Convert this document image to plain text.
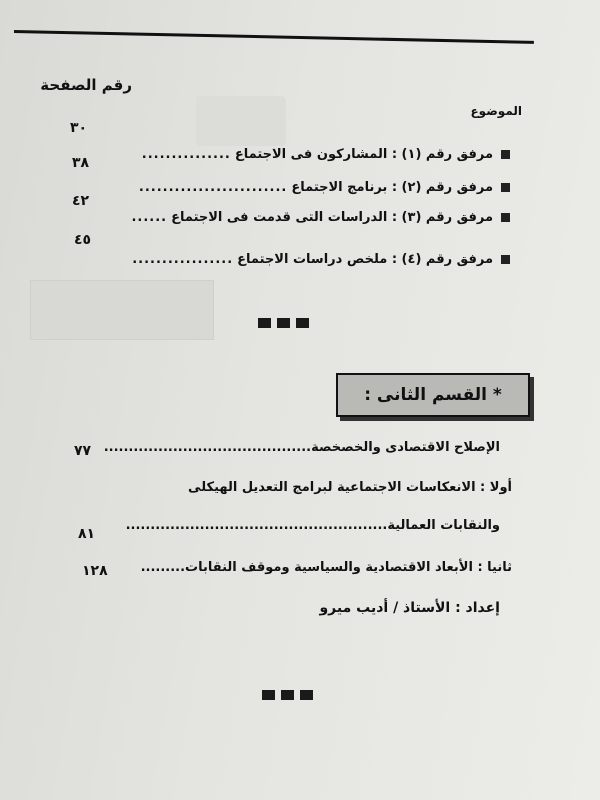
رقم الصفحة
الموضوع
مرفق رقم (١) : المشاركون فى الاجتماع
...............
٣٠
مرفق رقم (٢) : برنامج الاجتماع
.........................
٣٨
مرفق رقم (٣) : الدراسات التى قدمت فى الاجتماع
......
٤٢
مرفق رقم (٤) : ملخص دراسات الاجتماع
.................
٤٥
* القسم الثانى :
الإصلاح الاقتصادى والخصخصة..........................................
٧٧
أولا : الانعكاسات الاجتماعية لبرامج التعديل الهيكلى
والنقابات العمالية.....................................................
٨١
ثانيا : الأبعاد الاقتصادية والسياسية وموقف النقابات.........
١٢٨
إعداد : الأستاذ / أديب ميرو
